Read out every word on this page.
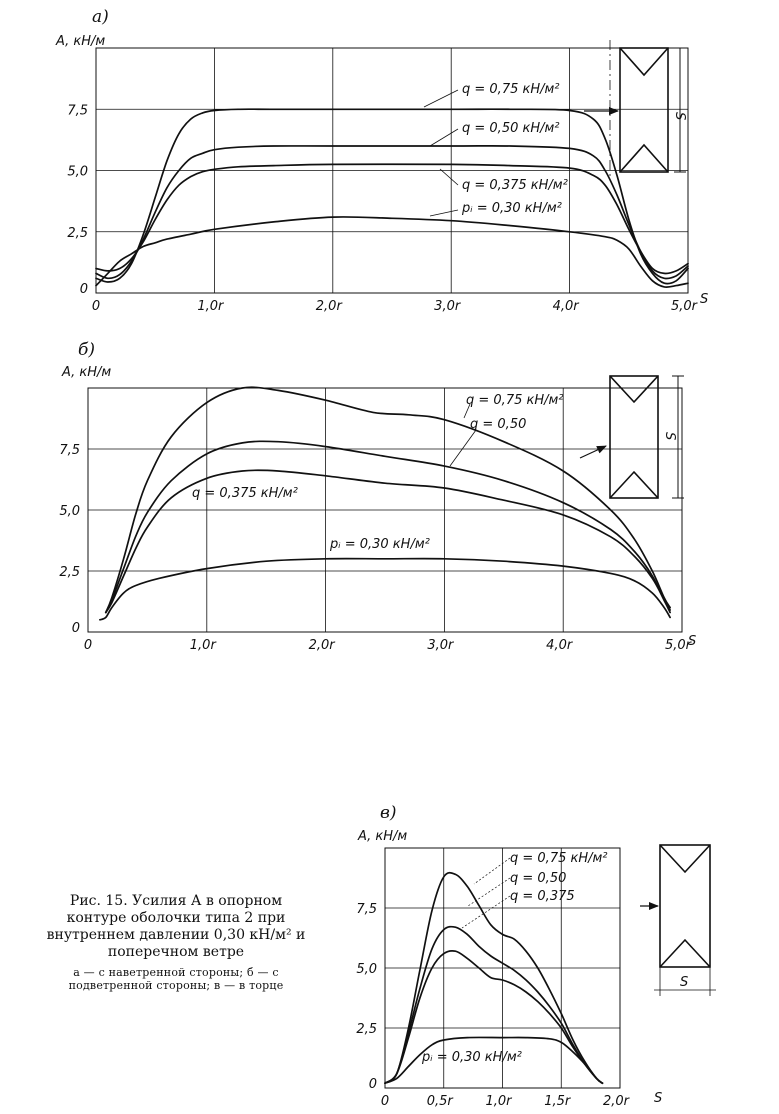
а)
A, кН/м
S
0	1,0r	2,0r	3,0r	4,0r	5,0r
0
2,5
5,0
7,5
q = 0,75 кН/м²
q = 0,50 кН/м²
q = 0,375 кН/м²
pᵢ = 0,30 кН/м²
S
б)
A, кН/м
S
0	1,0r	2,0r	3,0r	4,0r	5,0r
0
2,5
5,0
7,5
q = 0,75 кН/м²
q = 0,50
q = 0,375 кН/м²
pᵢ = 0,30 кН/м²
S
в)
A, кН/м
S
0	0,5r	1,0r	1,5r	2,0r
0
2,5
5,0
7,5
q = 0,75 кН/м²
q = 0,50
q = 0,375
pᵢ = 0,30 кН/м²
S
Рис. 15. Усилия А в опорном контуре оболочки типа 2 при внутреннем давлении 0,30 кН/м² и поперечном ветре
а — с наветренной стороны; б — с подветренной стороны; в — в торце
